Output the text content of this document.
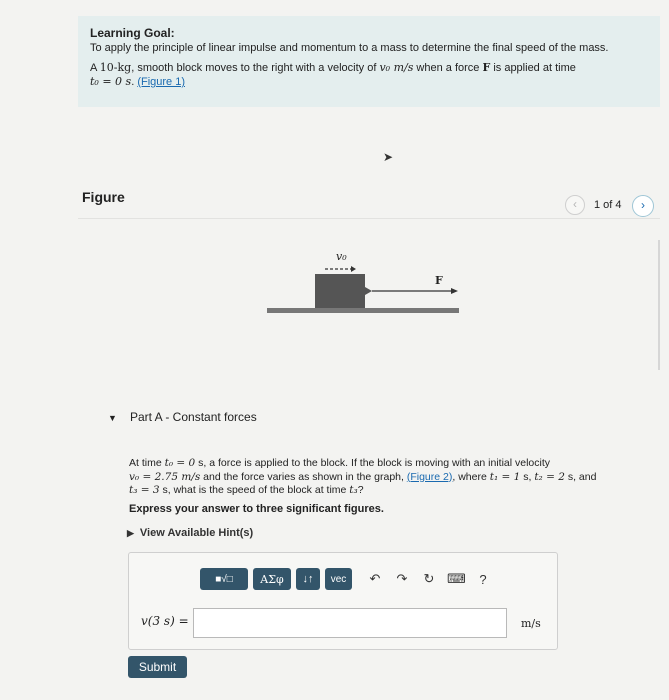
Learning Goal:
To apply the principle of linear impulse and momentum to a mass to determine the final speed of the mass.
A 10-kg, smooth block moves to the right with a velocity of v₀ m/s when a force F is applied at time
t₀ = 0 s. (Figure 1)
➤
Figure	‹	1 of 4	›
v₀
F
▼ Part A - Constant forces
At time t₀ = 0 s, a force is applied to the block. If the block is moving with an initial velocity
v₀ = 2.75 m/s and the force varies as shown in the graph, (Figure 2), where t₁ = 1 s, t₂ = 2 s, and
t₃ = 3 s, what is the speed of the block at time t₃?
Express your answer to three significant figures.
▶ View Available Hint(s)
■√□	ΑΣφ	↓↑	vec	↶ ↷ ↻ ⌨	?
v(3 s) =	m/s
Submit
